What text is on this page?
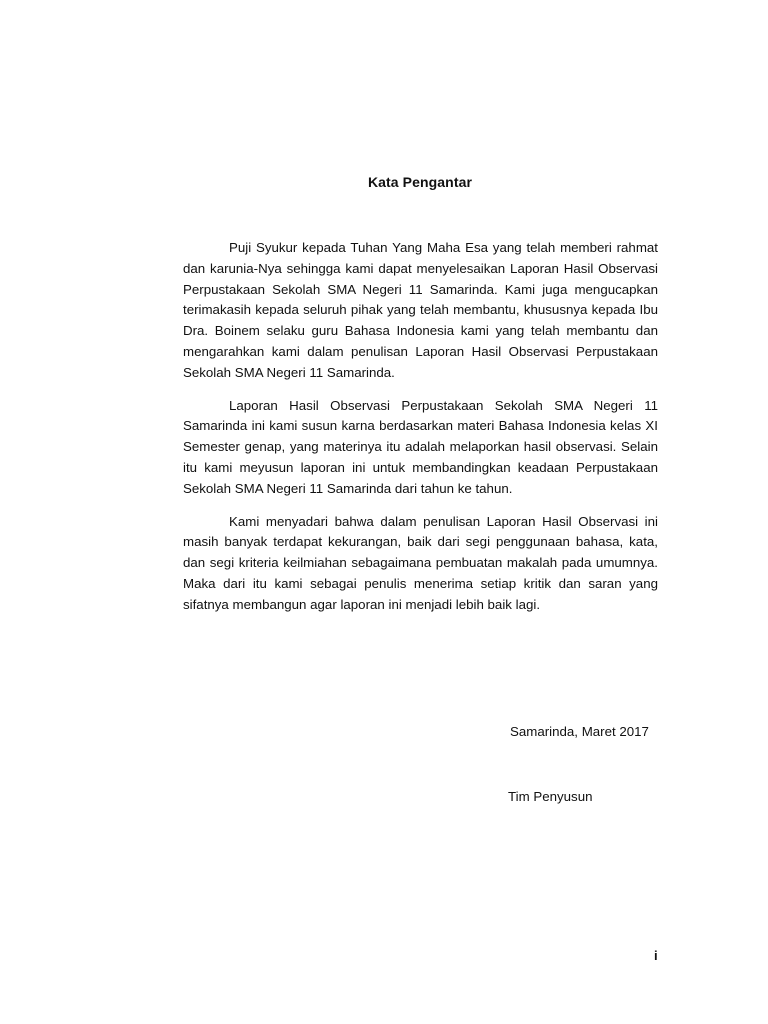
Kata Pengantar

Puji Syukur kepada Tuhan Yang Maha Esa yang telah memberi rahmat dan karunia-Nya sehingga kami dapat menyelesaikan Laporan Hasil Observasi Perpustakaan Sekolah SMA Negeri 11 Samarinda. Kami juga mengucapkan terimakasih kepada seluruh pihak yang telah membantu, khususnya kepada Ibu Dra. Boinem selaku guru Bahasa Indonesia kami yang telah membantu dan mengarahkan kami dalam penulisan Laporan Hasil Observasi Perpustakaan Sekolah SMA Negeri 11 Samarinda.

Laporan Hasil Observasi Perpustakaan Sekolah SMA Negeri 11 Samarinda ini kami susun karna berdasarkan materi Bahasa Indonesia kelas XI Semester genap, yang materinya itu adalah melaporkan hasil observasi. Selain itu kami meyusun laporan ini untuk membandingkan keadaan Perpustakaan Sekolah SMA Negeri 11 Samarinda dari tahun ke tahun.

Kami menyadari bahwa dalam penulisan Laporan Hasil Observasi ini masih banyak terdapat kekurangan, baik dari segi penggunaan bahasa, kata, dan segi kriteria keilmiahan sebagaimana pembuatan makalah pada umumnya. Maka dari itu kami sebagai penulis menerima setiap kritik dan saran yang sifatnya membangun agar laporan ini menjadi lebih baik lagi.

Samarinda, Maret 2017
Tim Penyusun
i
